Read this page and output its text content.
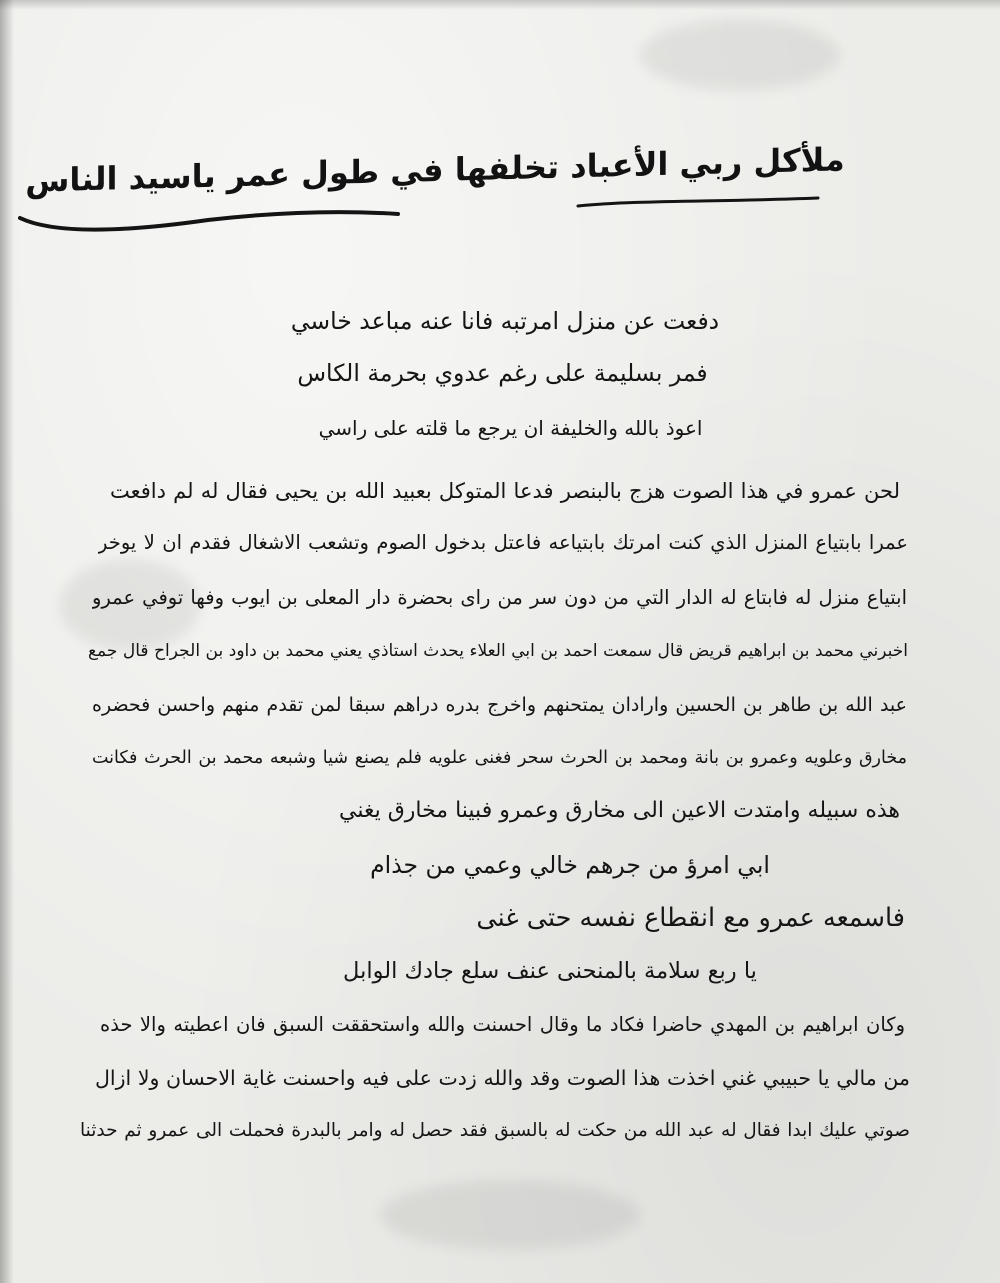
ملأكل ربي الأعباد تخلفها في طول عمر ياسيد الناس
دفعت عن منزل امرتبه فانا عنه مباعد خاسي
فمر بسليمة على رغم عدوي بحرمة الكاس
اعوذ بالله والخليفة ان يرجع ما قلته على راسي
لحن عمرو في هذا الصوت هزج بالبنصر فدعا المتوكل بعبيد الله بن يحيى فقال له لم دافعت
عمرا بابتياع المنزل الذي كنت امرتك بابتياعه فاعتل بدخول الصوم وتشعب الاشغال فقدم ان لا يوخر
ابتياع منزل له فابتاع له الدار التي من دون سر من راى بحضرة دار المعلى بن ايوب وفها توفي عمرو
اخبرني محمد بن ابراهيم قريض قال سمعت احمد بن ابي العلاء يحدث استاذي يعني محمد بن داود بن الجراح قال جمع
عبد الله بن طاهر بن الحسين وارادان يمتحنهم واخرج بدره دراهم سبقا لمن تقدم منهم واحسن فحضره
مخارق وعلويه وعمرو بن بانة ومحمد بن الحرث سحر فغنى علويه فلم يصنع شيا وشبعه محمد بن الحرث فكانت
هذه سبيله وامتدت الاعين الى مخارق وعمرو فبينا مخارق يغني
ابي امرؤ من جرهم خالي وعمي من جذام
فاسمعه عمرو مع انقطاع نفسه حتى غنى
يا ربع سلامة بالمنحنى عنف سلع جادك الوابل
وكان ابراهيم بن المهدي حاضرا فكاد ما وقال احسنت والله واستحققت السبق فان اعطيته والا حذه
من مالي يا حبيبي غني اخذت هذا الصوت وقد والله زدت على فيه واحسنت غاية الاحسان ولا ازال
صوتي عليك ابدا فقال له عبد الله من حكت له بالسبق فقد حصل له وامر بالبدرة فحملت الى عمرو ثم حدثنا
